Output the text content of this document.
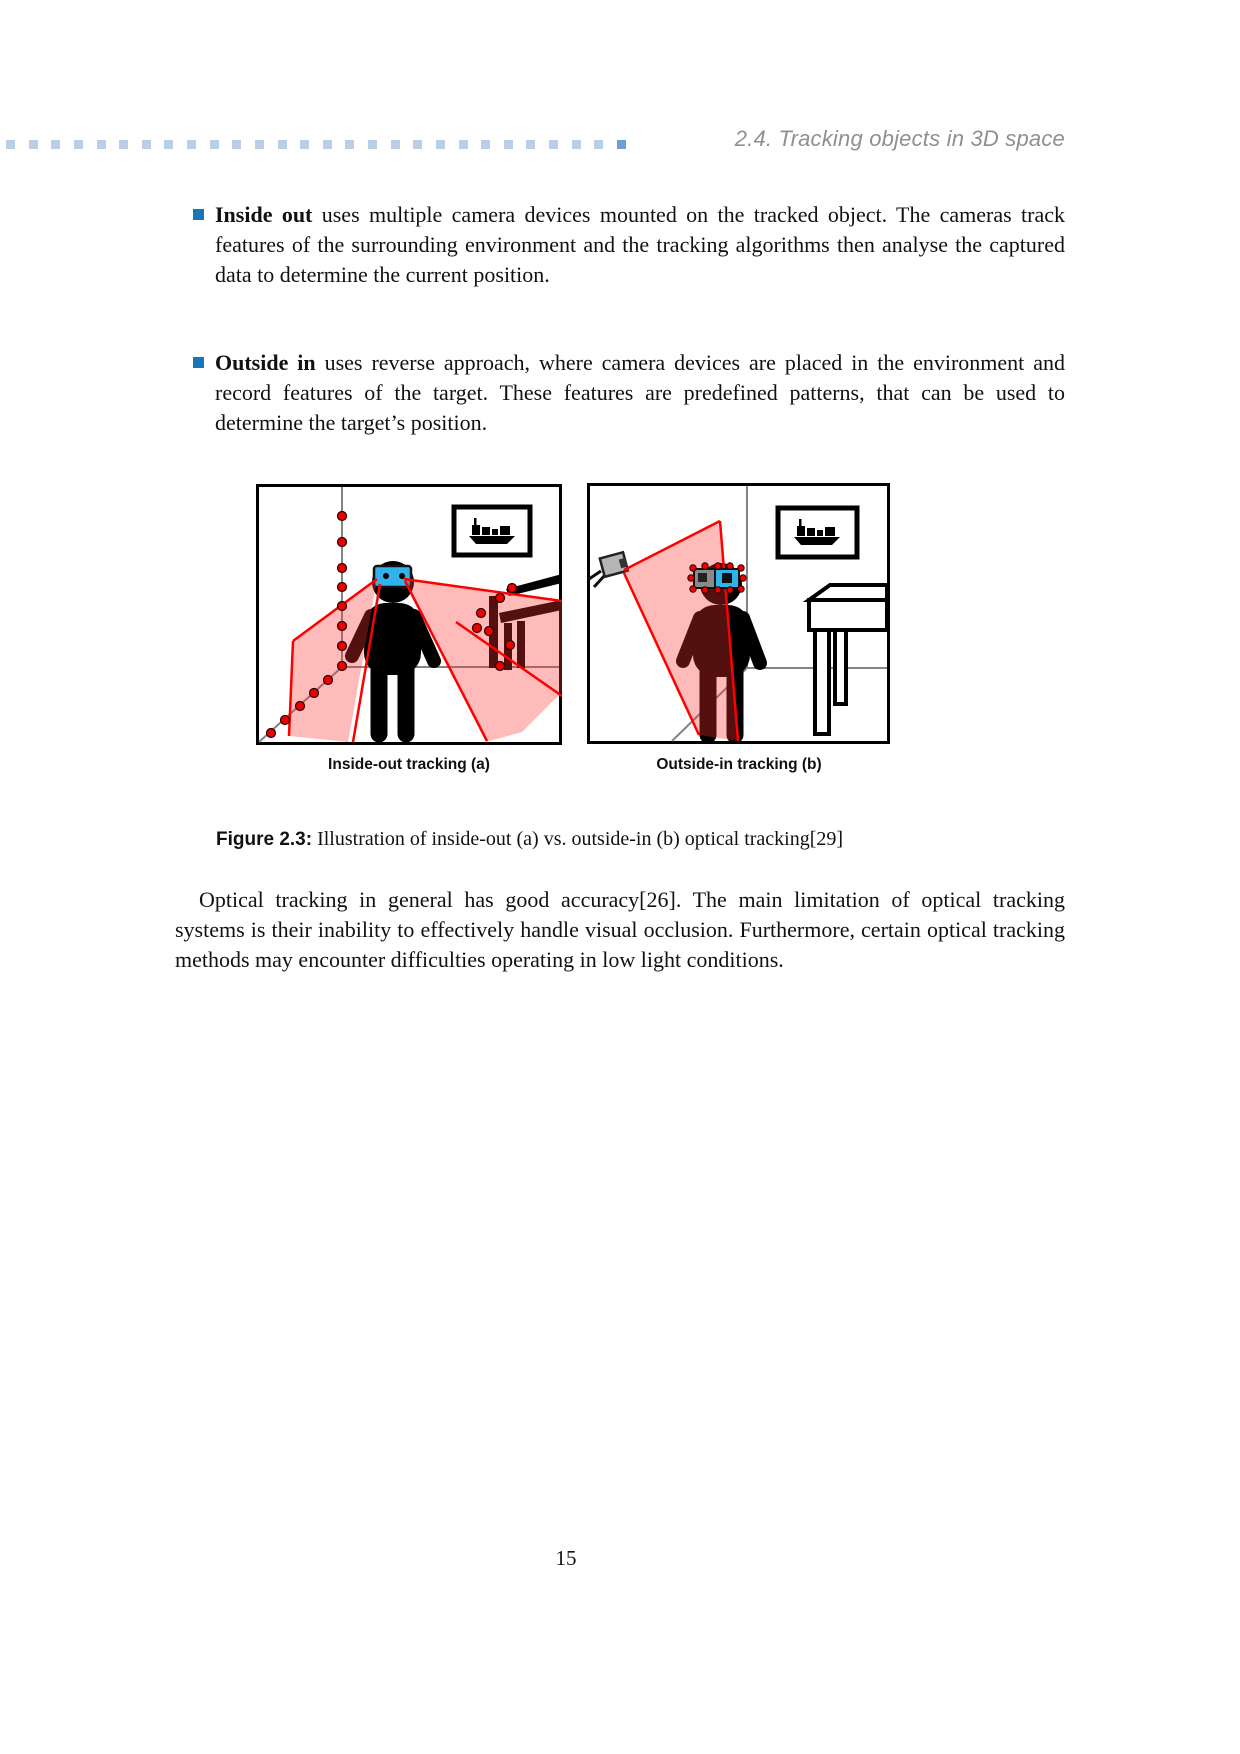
2.4. Tracking objects in 3D space
Inside out uses multiple camera devices mounted on the tracked object. The cameras track features of the surrounding environment and the tracking algorithms then analyse the captured data to determine the current position.
Outside in uses reverse approach, where camera devices are placed in the environment and record features of the target. These features are predefined patterns, that can be used to determine the target’s position.
Inside-out tracking (a)	Outside-in tracking (b)
Figure 2.3: Illustration of inside-out (a) vs. outside-in (b) optical tracking[29]
Optical tracking in general has good accuracy[26]. The main limitation of optical tracking systems is their inability to effectively handle visual occlusion. Furthermore, certain optical tracking methods may encounter difficulties operating in low light conditions.
15
